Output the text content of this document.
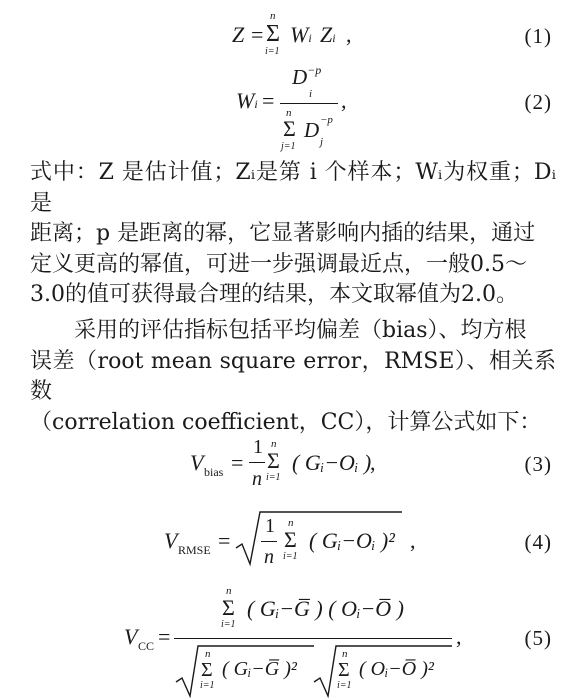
Z =
n
Σ
i=1
Wi Zi ,	(1)
Wi =
$D^{-p}$
i
n
Σ
j=1
D −p
j
,	(2)
式中：Z 是估计值；Zᵢ是第 i 个样本；Wᵢ为权重；Dᵢ是
距离；p 是距离的幂，它显著影响内插的结果，通过
定义更高的幂值，可进一步强调最近点，一般0.5～
3.0的值可获得最合理的结果，本文取幂值为2.0。
采用的评估指标包括平均偏差（bias）、均方根
误差（root mean square error，RMSE）、相关系数
（correlation coefficient，CC），计算公式如下：
V bias =
1
n
n
Σ
i=1
( Gᵢ−Oᵢ )
,	(3)
V RMSE =
1
n
n
Σ
i=1
( Gᵢ−Oᵢ )² ,	(4)
V CC =
n
Σ
i=1
( Gᵢ−G̅ ) ( Oᵢ−O̅ )
n
Σ
i=1
( Gᵢ−G̅ )²
n
Σ
i=1
( Oᵢ−O̅ )²
,	(5)
